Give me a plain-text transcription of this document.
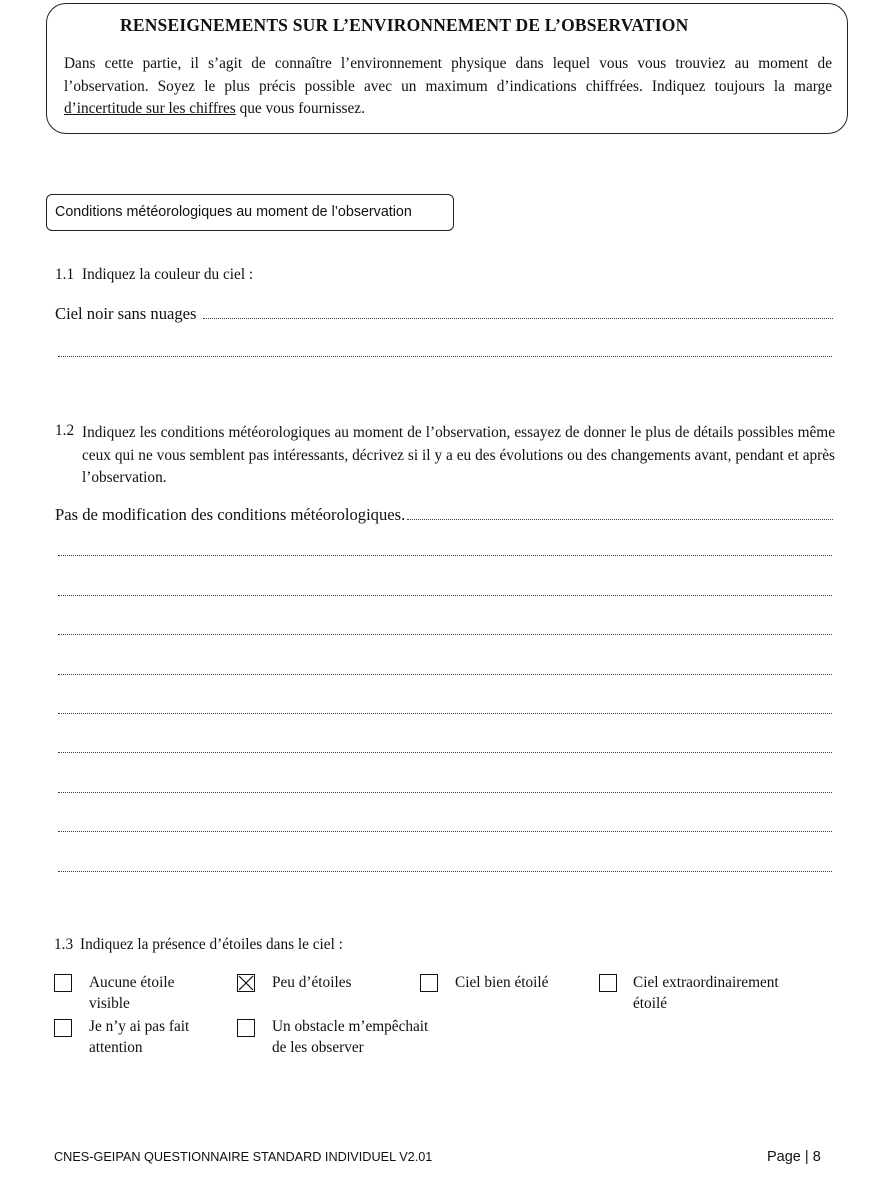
RENSEIGNEMENTS SUR L’ENVIRONNEMENT DE L’OBSERVATION
Dans cette partie, il s’agit de connaître l’environnement physique dans lequel vous vous trouviez au moment de l’observation. Soyez le plus précis possible avec un maximum d’indications chiffrées. Indiquez toujours la marge d’incertitude sur les chiffres que vous fournissez.
Conditions météorologiques au moment de l’observation
1.1 Indiquez la couleur du ciel :
Ciel noir sans nuages
1.2 Indiquez les conditions météorologiques au moment de l’observation, essayez de donner le plus de détails possibles même ceux qui ne vous semblent pas intéressants, décrivez si il y a eu des évolutions ou des changements avant, pendant et après l’observation.
Pas de modification des conditions météorologiques.
1.3 Indiquez la présence d’étoiles dans le ciel :
Aucune étoile
visible
Peu d’étoiles	Ciel bien étoilé	Ciel extraordinairement
étoilé
Je n’y ai pas fait
attention
Un obstacle m’empêchait
de les observer
CNES-GEIPAN QUESTIONNAIRE STANDARD INDIVIDUEL V2.01	Page | 8
